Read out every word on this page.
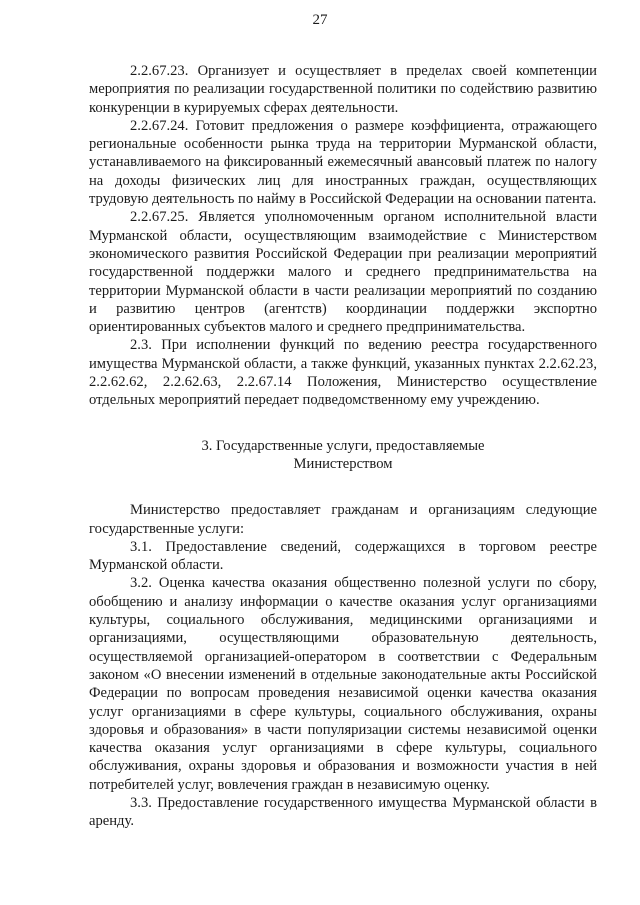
27

2.2.67.23. Организует и осуществляет в пределах своей компетенции мероприятия по реализации государственной политики по содействию развитию конкуренции в курируемых сферах деятельности.

2.2.67.24. Готовит предложения о размере коэффициента, отражающего региональные особенности рынка труда на территории Мурманской области, устанавливаемого на фиксированный ежемесячный авансовый платеж по налогу на доходы физических лиц для иностранных граждан, осуществляющих трудовую деятельность по найму в Российской Федерации на основании патента.

2.2.67.25. Является уполномоченным органом исполнительной власти Мурманской области, осуществляющим взаимодействие с Министерством экономического развития Российской Федерации при реализации мероприятий государственной поддержки малого и среднего предпринимательства на территории Мурманской области в части реализации мероприятий по созданию и развитию центров (агентств) координации поддержки экспортно ориентированных субъектов малого и среднего предпринимательства.

2.3. При исполнении функций по ведению реестра государственного имущества Мурманской области, а также функций, указанных пунктах 2.2.62.23, 2.2.62.62, 2.2.62.63, 2.2.67.14 Положения, Министерство осуществление отдельных мероприятий передает подведомственному ему учреждению.

3. Государственные услуги, предоставляемые
Министерством

Министерство предоставляет гражданам и организациям следующие государственные услуги:

3.1. Предоставление сведений, содержащихся в торговом реестре Мурманской области.

3.2. Оценка качества оказания общественно полезной услуги по сбору, обобщению и анализу информации о качестве оказания услуг организациями культуры, социального обслуживания, медицинскими организациями и организациями, осуществляющими образовательную деятельность, осуществляемой организацией-оператором в соответствии с Федеральным законом «О внесении изменений в отдельные законодательные акты Российской Федерации по вопросам проведения независимой оценки качества оказания услуг организациями в сфере культуры, социального обслуживания, охраны здоровья и образования» в части популяризации системы независимой оценки качества оказания услуг организациями в сфере культуры, социального обслуживания, охраны здоровья и образования и возможности участия в ней потребителей услуг, вовлечения граждан в независимую оценку.

3.3. Предоставление государственного имущества Мурманской области в аренду.
